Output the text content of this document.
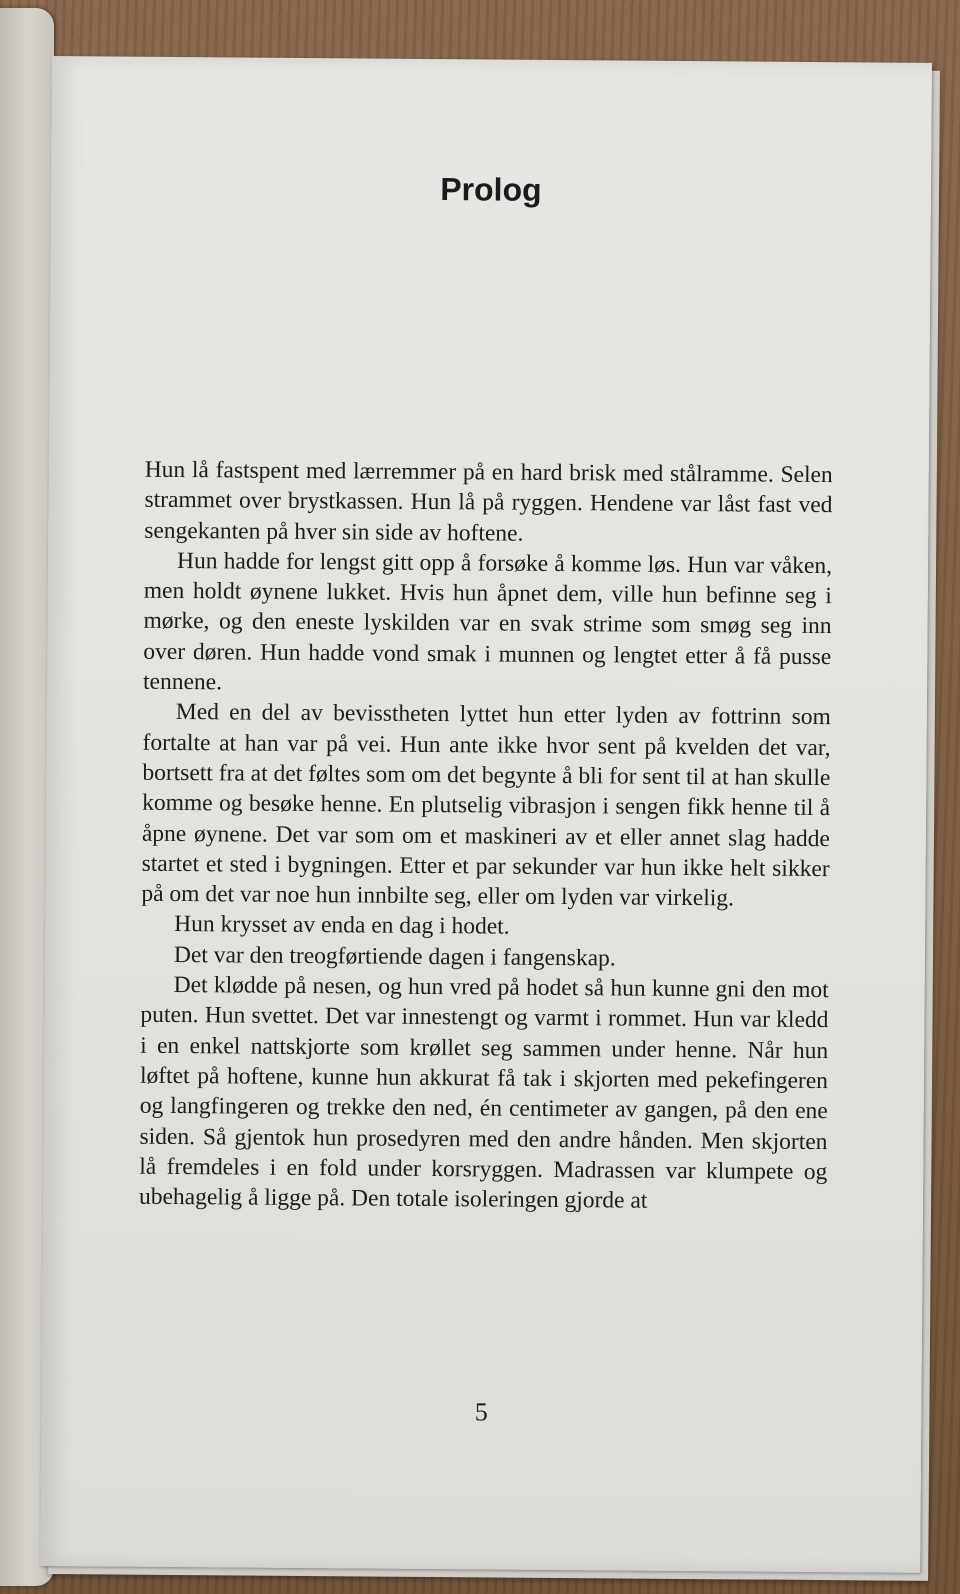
Prolog

Hun lå fastspent med lærremmer på en hard brisk med stålramme. Selen strammet over brystkassen. Hun lå på ryggen. Hendene var låst fast ved sengekanten på hver sin side av hoftene.

Hun hadde for lengst gitt opp å forsøke å komme løs. Hun var våken, men holdt øynene lukket. Hvis hun åpnet dem, ville hun befinne seg i mørke, og den eneste lyskilden var en svak strime som smøg seg inn over døren. Hun hadde vond smak i munnen og lengtet etter å få pusse tennene.

Med en del av bevisstheten lyttet hun etter lyden av fottrinn som fortalte at han var på vei. Hun ante ikke hvor sent på kvelden det var, bortsett fra at det føltes som om det begynte å bli for sent til at han skulle komme og besøke henne. En plutselig vibrasjon i sengen fikk henne til å åpne øynene. Det var som om et maskineri av et eller annet slag hadde startet et sted i bygningen. Etter et par sekunder var hun ikke helt sikker på om det var noe hun innbilte seg, eller om lyden var virkelig.

Hun krysset av enda en dag i hodet.

Det var den treogførtiende dagen i fangenskap.

Det klødde på nesen, og hun vred på hodet så hun kunne gni den mot puten. Hun svettet. Det var innestengt og varmt i rommet. Hun var kledd i en enkel nattskjorte som krøllet seg sammen under henne. Når hun løftet på hoftene, kunne hun akkurat få tak i skjorten med pekefingeren og langfingeren og trekke den ned, én centimeter av gangen, på den ene siden. Så gjentok hun prosedyren med den andre hånden. Men skjorten lå fremdeles i en fold under korsryggen. Madrassen var klumpete og ubehagelig å ligge på. Den totale isoleringen gjorde at

5
